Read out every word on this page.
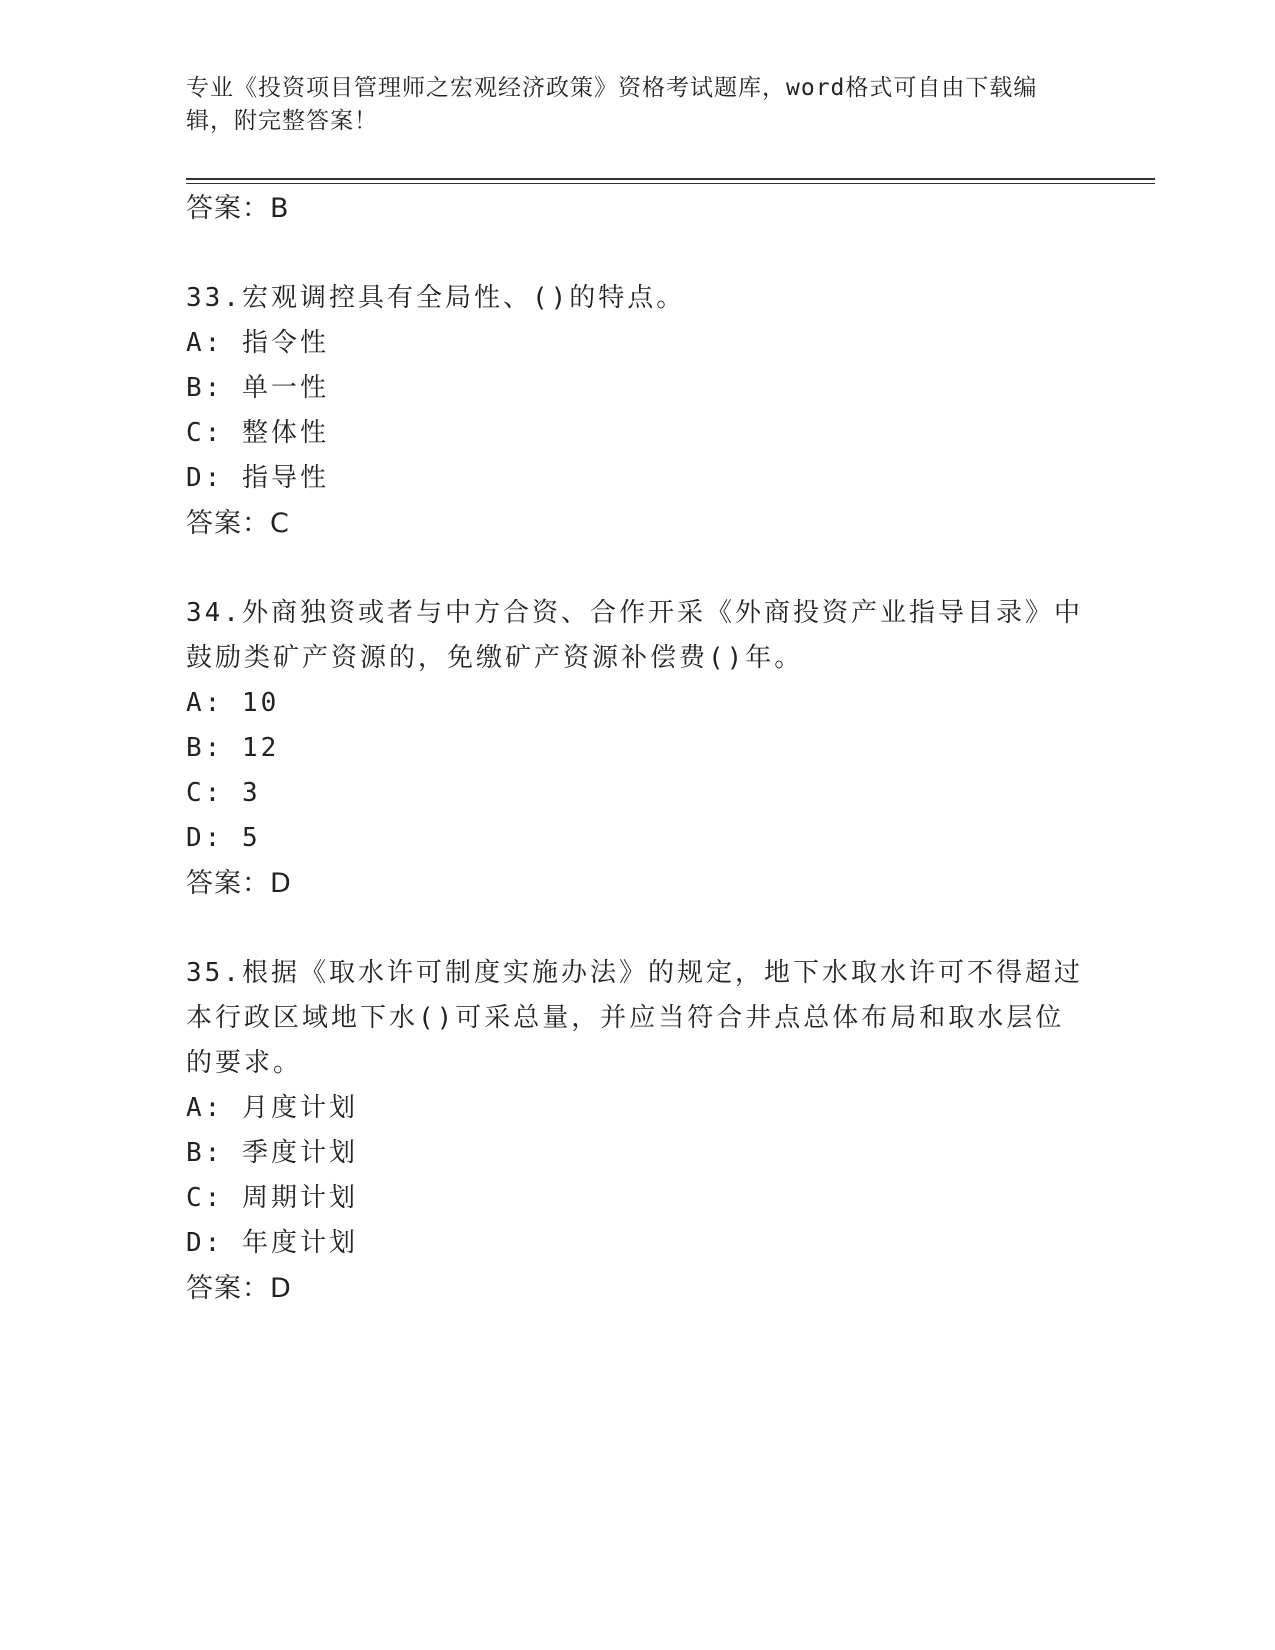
专业《投资项目管理师之宏观经济政策》资格考试题库，word格式可自由下载编辑，附完整答案！

答案：B

33.宏观调控具有全局性、()的特点。

A: 指令性

B: 单一性

C: 整体性

D: 指导性

答案：C

34.外商独资或者与中方合资、合作开采《外商投资产业指导目录》中鼓励类矿产资源的，免缴矿产资源补偿费()年。

A: 10

B: 12

C: 3

D: 5

答案：D

35.根据《取水许可制度实施办法》的规定，地下水取水许可不得超过本行政区域地下水()可采总量，并应当符合井点总体布局和取水层位的要求。

A: 月度计划

B: 季度计划

C: 周期计划

D: 年度计划

答案：D
